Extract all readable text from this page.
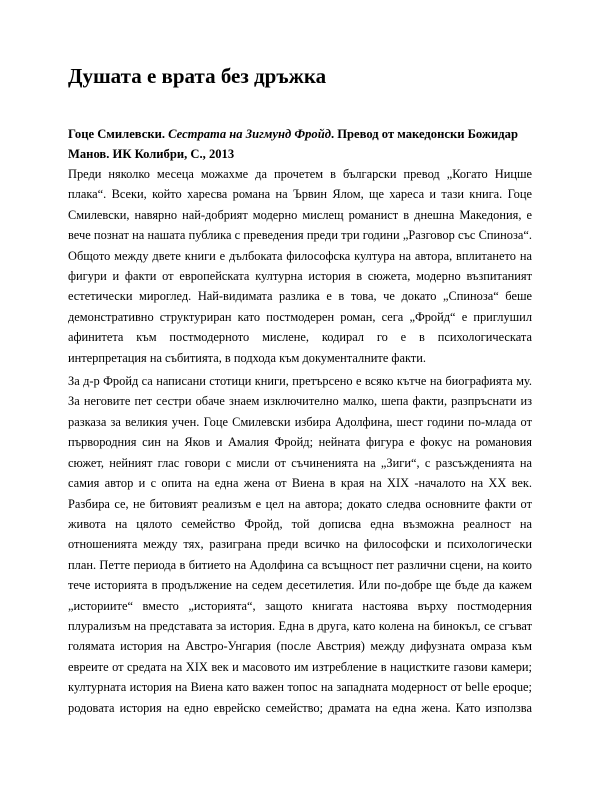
Душата е врата без дръжка
Гоце Смилевски. Сестрата на Зигмунд Фройд. Превод от македонски Божидар
Манов. ИК Колибри, С., 2013

Преди няколко месеца можахме да прочетем в български превод „Когато Ницше
плака“. Всеки, който харесва романа на Ървин Ялом, ще хареса и тази книга. Гоце
Смилевски, навярно най-добрият модерно мислещ романист в днешна Македония, е
вече познат на нашата публика с преведения преди три години „Разговор със Спиноза“.
Общото между двете книги е дълбоката философска култура на автора, вплитането на
фигури и факти от европейската културна история в сюжета, модерно възпитаният
естетически мироглед. Най-видимата разлика е в това, че докато „Спиноза“ беше
демонстративно структуриран като постмодерен роман, сега „Фройд“ е приглушил
афинитета към постмодерното мислене, кодирал го е в психологическата
интерпретация на събитията, в подхода към документалните факти.

За д-р Фройд са написани стотици книги, претърсено е всяко кътче на биографията му.
За неговите пет сестри обаче знаем изключително малко, шепа факти, разпръснати из
разказа за великия учен. Гоце Смилевски избира Адолфина, шест години по-млада от
първородния син на Яков и Амалия Фройд; нейната фигура е фокус на романовия
сюжет, нейният глас говори с мисли от съчиненията на „Зиги“, с разсъжденията на
самия автор и с опита на една жена от Виена в края на XIX -началото на XX век.
Разбира се, не битовият реализъм е цел на автора; докато следва основните факти от
живота на цялото семейство Фройд, той дописва една възможна реалност на
отношенията между тях, разиграна преди всичко на философски и психологически
план. Петте периода в битието на Адолфина са всъщност пет различни сцени, на които
тече историята в продължение на седем десетилетия. Или по-добре ще бъде да кажем
„историите“ вместо „историята“, защото книгата настоява върху постмодерния
плурализъм на представата за история. Една в друга, като колена на бинокъл, се сгъват
голямата история на Австро-Унгария (после Австрия) между дифузната омраза към
евреите от средата на XIX век и масовото им изтребление в нацистките газови камери;
културната история на Виена като важен топос на западната модерност от belle epoque;
родовата история на едно еврейско семейство; драмата на една жена. Като използва
